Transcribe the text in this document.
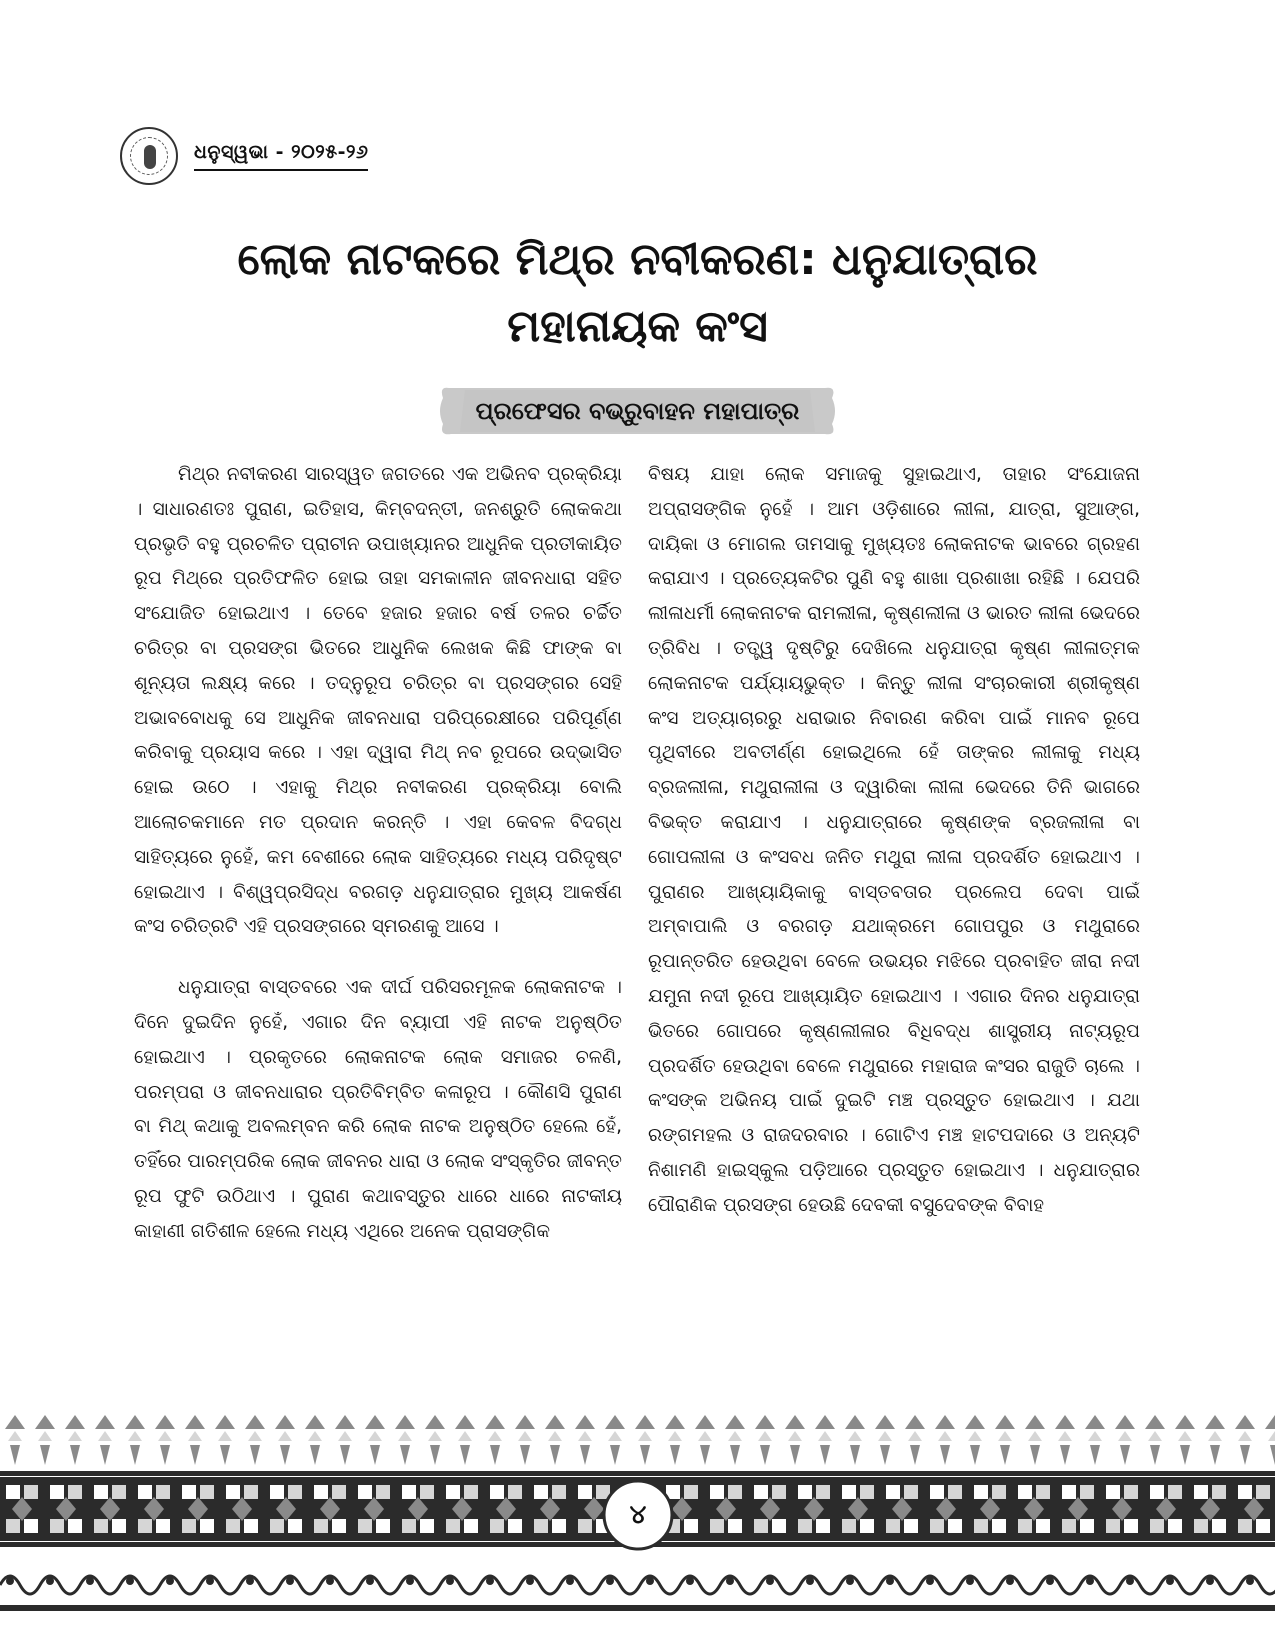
ଧନୁସ୍ୱଭା - ୨୦୨୫-୨୬
ଲୋକ ନାଟକରେ ମିଥ୍‌ର ନବୀକରଣ: ଧନୁଯାତ୍ରାର
ମହାନାୟକ କଂସ
ପ୍ରଫେସର ବଭ୍ରୁବାହନ ମହାପାତ୍ର

ମିଥ୍‌ର ନବୀକରଣ ସାରସ୍ୱତ ଜଗତରେ ଏକ ଅଭିନବ ପ୍ରକ୍ରିୟା । ସାଧାରଣତଃ ପୁରାଣ, ଇତିହାସ, କିମ୍ବଦନ୍ତୀ, ଜନଶ୍ରୁତି ଲୋକକଥା ପ୍ରଭୃତି ବହୁ ପ୍ରଚଳିତ ପ୍ରାଚୀନ ଉପାଖ୍ୟାନର ଆଧୁନିକ ପ୍ରତୀକାୟିତ ରୂପ ମିଥ୍‌ରେ ପ୍ରତିଫଳିତ ହୋଇ ତାହା ସମକାଳୀନ ଜୀବନଧାରା ସହିତ ସଂଯୋଜିତ ହୋଇଥାଏ । ତେବେ ହଜାର ହଜାର ବର୍ଷ ତଳର ଚର୍ଚ୍ଚିତ ଚରିତ୍ର ବା ପ୍ରସଙ୍ଗ ଭିତରେ ଆଧୁନିକ ଲେଖକ କିଛି ଫାଙ୍କ ବା ଶୂନ୍ୟତା ଲକ୍ଷ୍ୟ କରେ । ତଦ୍‌ନୁରୂପ ଚରିତ୍ର ବା ପ୍ରସଙ୍ଗର ସେହି ଅଭାବବୋଧକୁ ସେ ଆଧୁନିକ ଜୀବନଧାରା ପରିପ୍ରେକ୍ଷୀରେ ପରିପୂର୍ଣ୍ଣ କରିବାକୁ ପ୍ରୟାସ କରେ । ଏହା ଦ୍ୱାରା ମିଥ୍ ନବ ରୂପରେ ଉଦ୍ଭାସିତ ହୋଇ ଉଠେ । ଏହାକୁ ମିଥ୍‌ର ନବୀକରଣ ପ୍ରକ୍ରିୟା ବୋଲି ଆଲୋଚକମାନେ ମତ ପ୍ରଦାନ କରନ୍ତି । ଏହା କେବଳ ବିଦଗ୍ଧ ସାହିତ୍ୟରେ ନୁହେଁ, କମ ବେଶୀରେ ଲୋକ ସାହିତ୍ୟରେ ମଧ୍ୟ ପରିଦୃଷ୍ଟ ହୋଇଥାଏ । ବିଶ୍ୱପ୍ରସିଦ୍ଧ ବରଗଡ଼ ଧନୁଯାତ୍ରାର ମୁଖ୍ୟ ଆକର୍ଷଣ କଂସ ଚରିତ୍ରଟି ଏହି ପ୍ରସଙ୍ଗରେ ସ୍ମରଣକୁ ଆସେ ।

ଧନୁଯାତ୍ରା ବାସ୍ତବରେ ଏକ ଦୀର୍ଘ ପରିସରମୂଳକ ଲୋକନାଟକ । ଦିନେ ଦୁଇଦିନ ନୁହେଁ, ଏଗାର ଦିନ ବ୍ୟାପୀ ଏହି ନାଟକ ଅନୁଷ୍ଠିତ ହୋଇଥାଏ । ପ୍ରକୃତରେ ଲୋକନାଟକ ଲୋକ ସମାଜର ଚଳଣି, ପରମ୍ପରା ଓ ଜୀବନଧାରାର ପ୍ରତିବିମ୍ବିତ କଳାରୂପ । କୌଣସି ପୁରାଣ ବା ମିଥ୍ କଥାକୁ ଅବଲମ୍ବନ କରି ଲୋକ ନାଟକ ଅନୁଷ୍ଠିତ ହେଲେ ହେଁ, ତହିଁରେ ପାରମ୍ପରିକ ଲୋକ ଜୀବନର ଧାରା ଓ ଲୋକ ସଂସ୍କୃତିର ଜୀବନ୍ତ ରୂପ ଫୁଟି ଉଠିଥାଏ । ପୁରାଣ କଥାବସ୍ତୁର ଧାରେ ଧାରେ ନାଟକୀୟ କାହାଣୀ ଗତିଶୀଳ ହେଲେ ମଧ୍ୟ ଏଥିରେ ଅନେକ ପ୍ରାସଙ୍ଗିକ

ବିଷୟ ଯାହା ଲୋକ ସମାଜକୁ ସୁହାଇଥାଏ, ତାହାର ସଂଯୋଜନା ଅପ୍ରାସଙ୍ଗିକ ନୁହେଁ । ଆମ ଓଡ଼ିଶାରେ ଲୀଳା, ଯାତ୍ରା, ସୁଆଙ୍ଗ, ଦାୟିକା ଓ ମୋଗଲ ତାମସାକୁ ମୁଖ୍ୟତଃ ଲୋକନାଟକ ଭାବରେ ଗ୍ରହଣ କରାଯାଏ । ପ୍ରତ୍ୟେକଟିର ପୁଣି ବହୁ ଶାଖା ପ୍ରଶାଖା ରହିଛି । ଯେପରି ଲୀଳାଧର୍ମୀ ଲୋକନାଟକ ରାମଲୀଳା, କୃଷ୍ଣଲୀଳା ଓ ଭାରତ ଲୀଳା ଭେଦରେ ତ୍ରିବିଧ । ତତ୍ତ୍ୱ ଦୃଷ୍ଟିରୁ ଦେଖିଲେ ଧନୁଯାତ୍ରା କୃଷ୍ଣ ଲୀଳାତ୍ମକ ଲୋକନାଟକ ପର୍ଯ୍ୟାୟଭୁକ୍ତ । କିନ୍ତୁ ଲୀଳା ସଂଚାରକାରୀ ଶ୍ରୀକୃଷ୍ଣ କଂସ ଅତ୍ୟାଚାରରୁ ଧରାଭାର ନିବାରଣ କରିବା ପାଇଁ ମାନବ ରୂପେ ପୃଥିବୀରେ ଅବତୀର୍ଣ୍ଣ ହୋଇଥିଲେ ହେଁ ତାଙ୍କର ଲୀଳାକୁ ମଧ୍ୟ ବ୍ରଜଲୀଳା, ମଥୁରାଲୀଳା ଓ ଦ୍ୱାରିକା ଲୀଳା ଭେଦରେ ତିନି ଭାଗରେ ବିଭକ୍ତ କରାଯାଏ । ଧନୁଯାତ୍ରାରେ କୃଷ୍ଣଙ୍କ ବ୍ରଜଲୀଳା ବା ଗୋପଲୀଳା ଓ କଂସବଧ ଜନିତ ମଥୁରା ଲୀଳା ପ୍ରଦର୍ଶିତ ହୋଇଥାଏ । ପୁରାଣର ଆଖ୍ୟାୟିକାକୁ ବାସ୍ତବତାର ପ୍ରଲେପ ଦେବା ପାଇଁ ଅମ୍ବାପାଲି ଓ ବରଗଡ଼ ଯଥାକ୍ରମେ ଗୋପପୁର ଓ ମଥୁରାରେ ରୂପାନ୍ତରିତ ହେଉଥିବା ବେଳେ ଉଭୟର ମଝିରେ ପ୍ରବାହିତ ଜୀରା ନଦୀ ଯମୁନା ନଦୀ ରୂପେ ଆଖ୍ୟାୟିତ ହୋଇଥାଏ । ଏଗାର ଦିନର ଧନୁଯାତ୍ରା ଭିତରେ ଗୋପରେ କୃଷ୍ଣଲୀଳାର ବିଧିବଦ୍ଧ ଶାସ୍ତ୍ରୀୟ ନାଟ୍ୟରୂପ ପ୍ରଦର୍ଶିତ ହେଉଥିବା ବେଳେ ମଥୁରାରେ ମହାରାଜ କଂସର ରାଜୁତି ଚାଲେ । କଂସଙ୍କ ଅଭିନୟ ପାଇଁ ଦୁଇଟି ମଞ୍ଚ ପ୍ରସ୍ତୁତ ହୋଇଥାଏ । ଯଥା ରଙ୍ଗମହଲ ଓ ରାଜଦରବାର । ଗୋଟିଏ ମଞ୍ଚ ହାଟପଦାରେ ଓ ଅନ୍ୟଟି ନିଶାମଣି ହାଇସ୍କୁଲ ପଡ଼ିଆରେ ପ୍ରସ୍ତୁତ ହୋଇଥାଏ । ଧନୁଯାତ୍ରାର ପୌରାଣିକ ପ୍ରସଙ୍ଗ ହେଉଛି ଦେବକୀ ବସୁଦେବଙ୍କ ବିବାହ

୪
